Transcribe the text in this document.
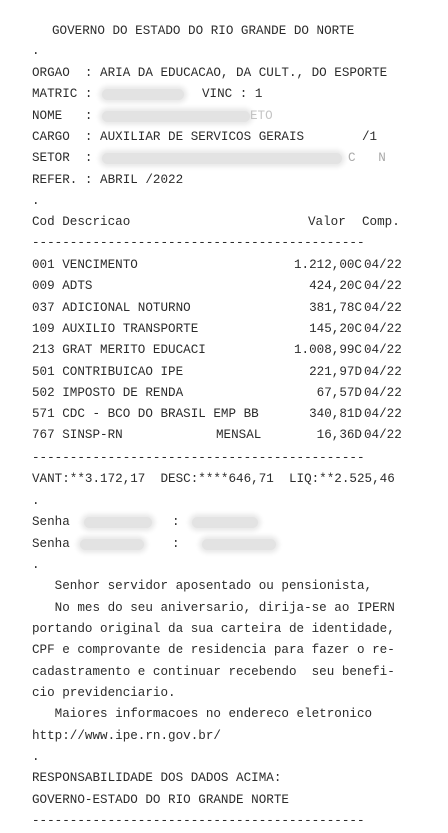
GOVERNO DO ESTADO DO RIO GRANDE DO NORTE
.
ORGAO  : ARIA DA EDUCACAO, DA CULT., DO ESPORTE
MATRIC :	VINC : 1
NOME   :	ETO
CARGO  : AUXILIAR DE SERVICOS GERAIS	/1
SETOR  :	C   N
REFER. : ABRIL /2022
.
Cod Descricao	Valor Comp.
--------------------------------------------
001 VENCIMENTO	1.212,00C 04/22
009 ADTS	424,20C 04/22
037 ADICIONAL NOTURNO	381,78C 04/22
109 AUXILIO TRANSPORTE	145,20C 04/22
213 GRAT MERITO EDUCACI	1.008,99C 04/22
501 CONTRIBUICAO IPE	221,97D 04/22
502 IMPOSTO DE RENDA	67,57D 04/22
571 CDC - BCO DO BRASIL EMP BB	340,81D 04/22
767 SINSP-RN	MENSAL	16,36D 04/22
--------------------------------------------
VANT:**3.172,17  DESC:****646,71  LIQ:**2.525,46
.
Senha	:
Senha	:
.
Senhor servidor aposentado ou pensionista,
No mes do seu aniversario, dirija-se ao IPERN
portando original da sua carteira de identidade,
CPF e comprovante de residencia para fazer o re-
cadastramento e continuar recebendo  seu benefi-
cio previdenciario.
Maiores informacoes no endereco eletronico
http://www.ipe.rn.gov.br/
.
RESPONSABILIDADE DOS DADOS ACIMA:
GOVERNO-ESTADO DO RIO GRANDE NORTE
--------------------------------------------
